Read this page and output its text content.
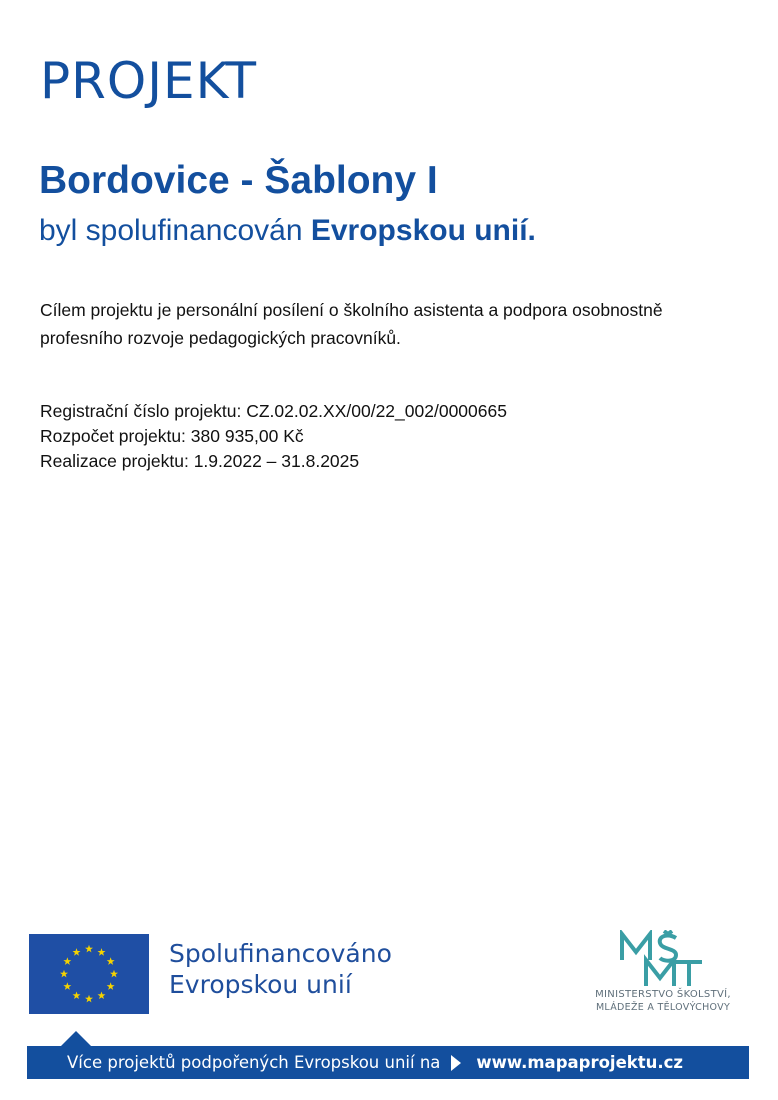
PROJEKT
Bordovice - Šablony I

byl spolufinancován Evropskou unií.

Cílem projektu je personální posílení o školního asistenta a podpora osobnostně profesního rozvoje pedagogických pracovníků.

Registrační číslo projektu: CZ.02.02.XX/00/22_002/0000665

Rozpočet projektu: 380 935,00 Kč

Realizace projektu: 1.9.2022 – 31.8.2025

Spolufinancováno
Evropskou unií	MINISTERSTVO ŠKOLSTVÍ,
MLÁDEŽE A TĚLOVÝCHOVY
Více projektů podpořených Evropskou unií na www.mapaprojektu.cz
